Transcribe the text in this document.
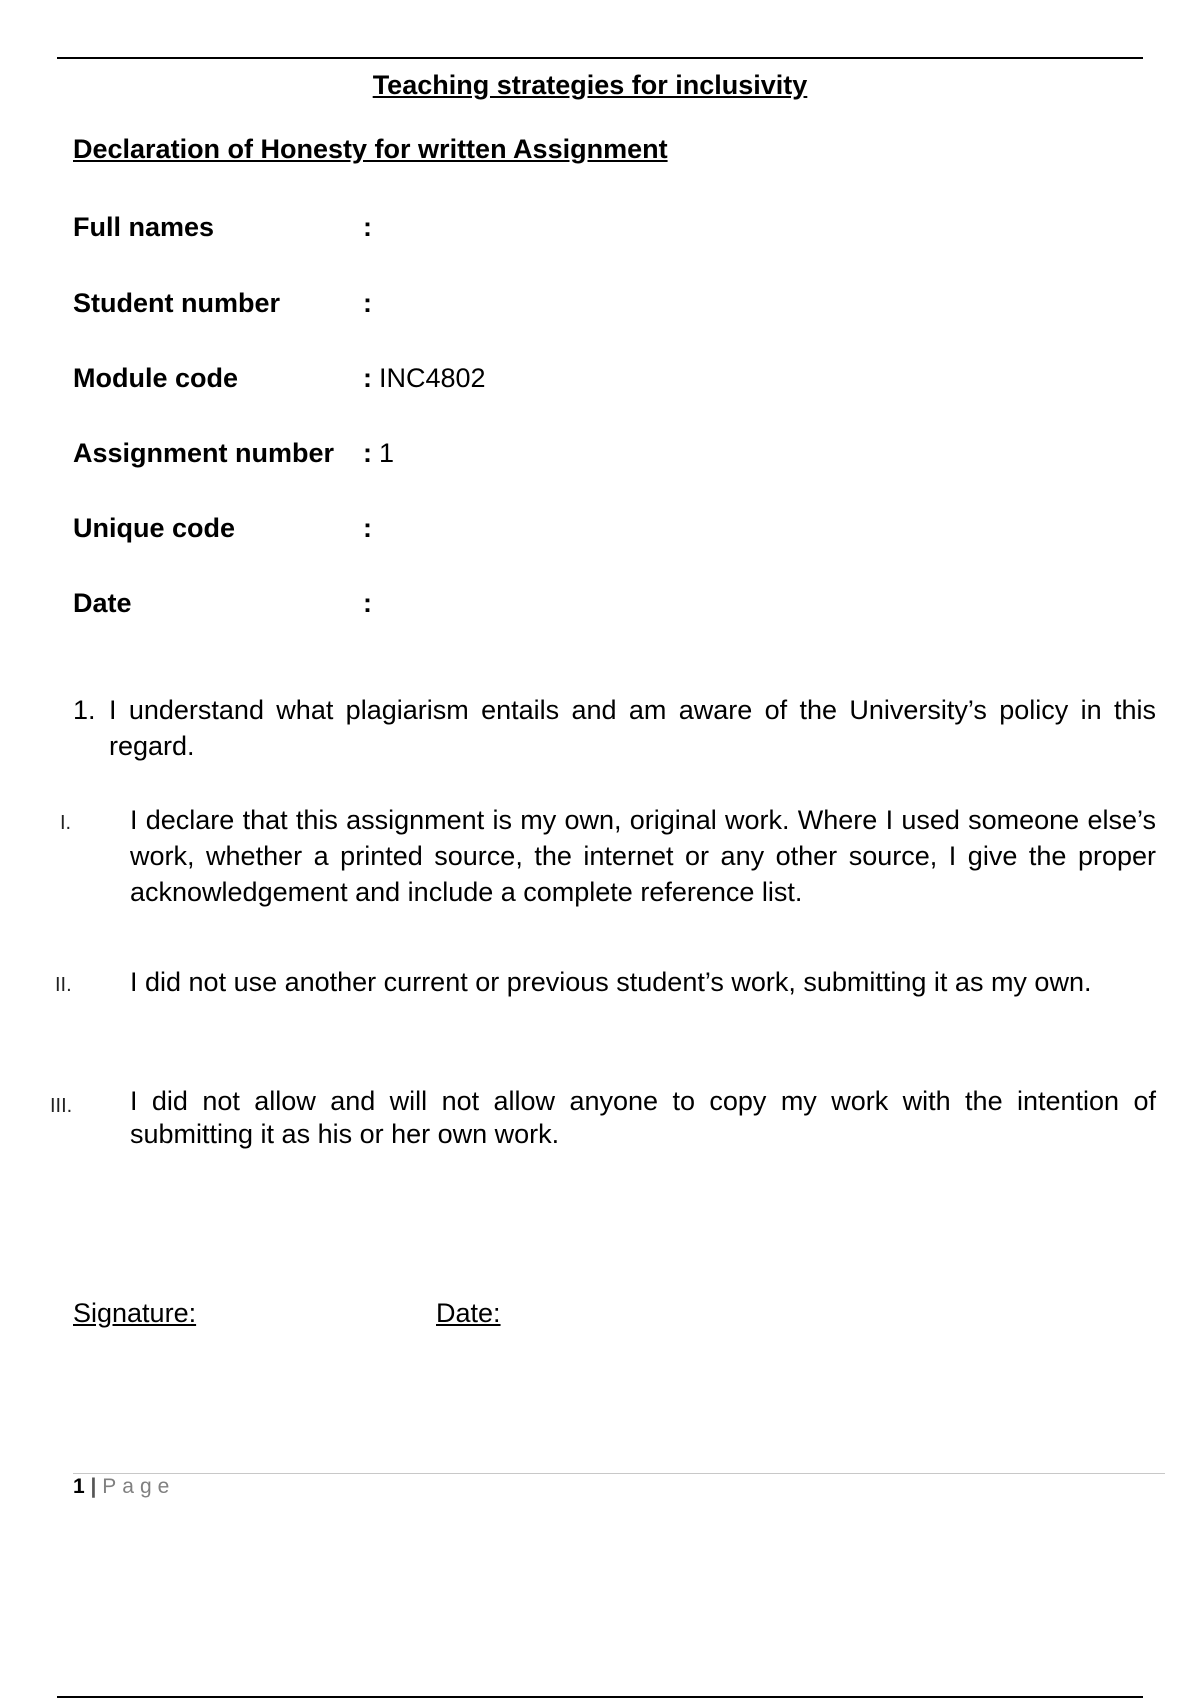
Teaching strategies for inclusivity
Declaration of Honesty for written Assignment
Full names	:
Student number	:
Module code	: INC4802
Assignment number : 1
Unique code	:
Date	:
1. I understand what plagiarism entails and am aware of the University’s policy in this regard.
I. I declare that this assignment is my own, original work. Where I used someone else’s work, whether a printed source, the internet or any other source, I give the proper acknowledgement and include a complete reference list.
II. I did not use another current or previous student’s work, submitting it as my own.
III. I did not allow and will not allow anyone to copy my work with the intention of submitting it as his or her own work.
Signature:	Date:
1 | Page
